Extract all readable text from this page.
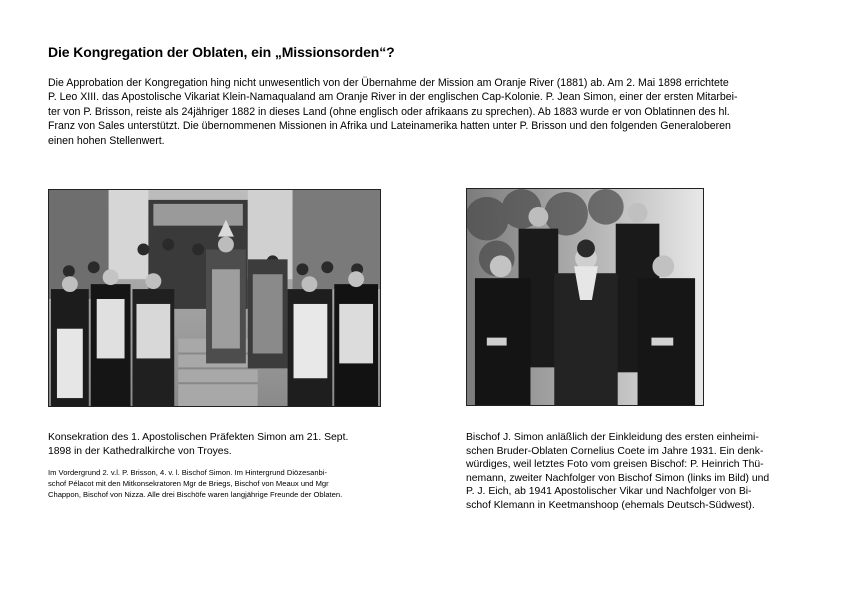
Die Kongregation der Oblaten, ein „Missionsorden“?
Die Approbation der Kongregation hing nicht unwesentlich von der Übernahme der Mission am Oranje River (1881) ab. Am 2. Mai 1898 errichtete
P. Leo XIII. das Apostolische Vikariat Klein-Namaqualand am Oranje River in der englischen Cap-Kolonie. P. Jean Simon, einer der ersten Mitarbei-
ter von P. Brisson, reiste als 24jähriger 1882 in dieses Land (ohne englisch oder afrikaans zu sprechen). Ab 1883 wurde er von Oblatinnen des hl.
Franz von Sales unterstützt. Die übernommenen Missionen in Afrika und Lateinamerika hatten unter P. Brisson und den folgenden Generaloberen
einen hohen Stellenwert.
Konsekration des 1. Apostolischen Präfekten Simon am 21. Sept.
1898 in der Kathedralkirche von Troyes.
Im Vordergrund 2. v.l. P. Brisson, 4. v. l. Bischof Simon. Im Hintergrund Diözesanbi-
schof Pélacot mit den Mitkonsekratoren Mgr de Briegs, Bischof von Meaux und Mgr
Chappon, Bischof von Nizza. Alle drei Bischöfe waren langjährige Freunde der Oblaten.
Bischof J. Simon anläßlich der Einkleidung des ersten einheimi-
schen Bruder-Oblaten Cornelius Coete im Jahre 1931. Ein denk-
würdiges, weil letztes Foto vom greisen Bischof: P. Heinrich Thü-
nemann, zweiter Nachfolger von Bischof Simon (links im Bild) und
P. J. Eich, ab 1941 Apostolischer Vikar und Nachfolger von Bi-
schof Klemann in Keetmanshoop (ehemals Deutsch-Südwest).
